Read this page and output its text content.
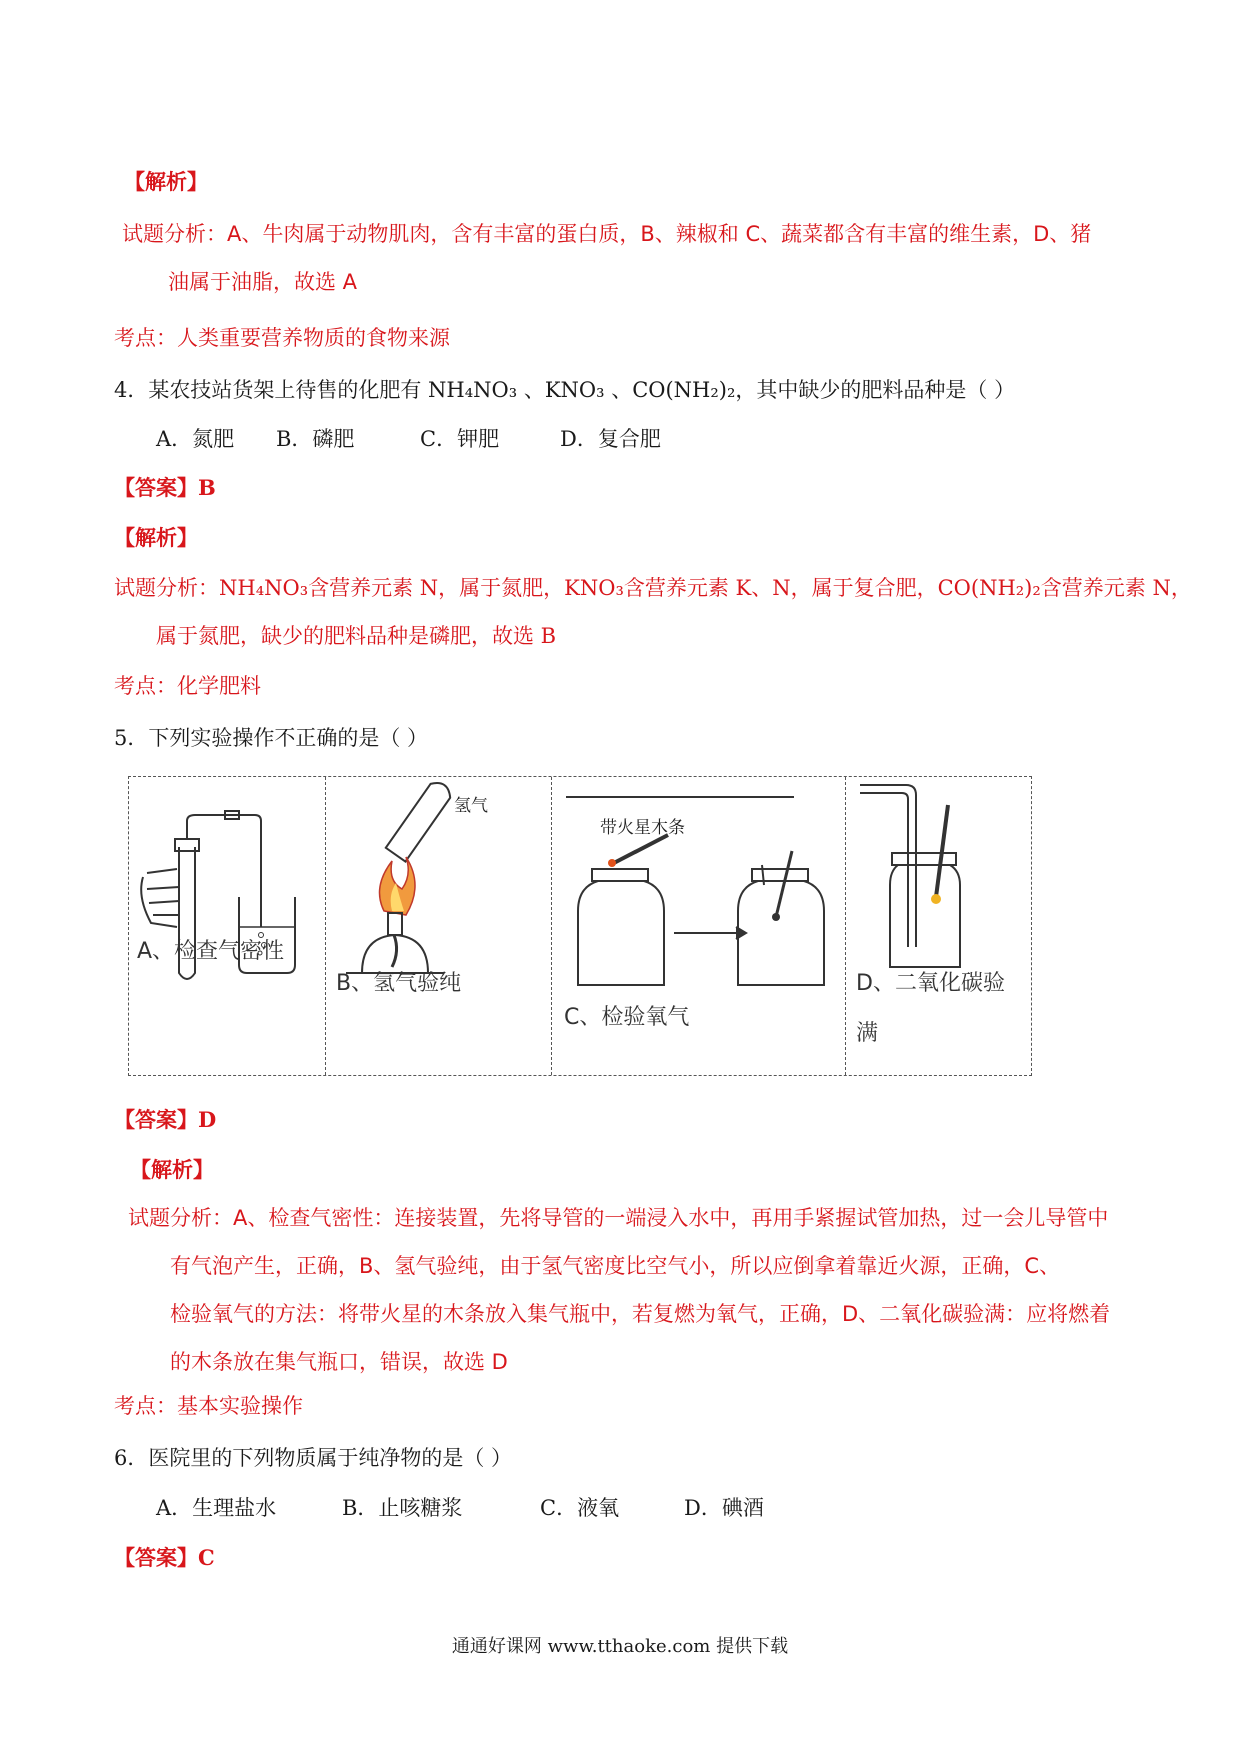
【解析】
试题分析：A、牛肉属于动物肌肉，含有丰富的蛋白质，B、辣椒和 C、蔬菜都含有丰富的维生素，D、猪
油属于油脂，故选 A
考点：人类重要营养物质的食物来源
4．某农技站货架上待售的化肥有 NH₄NO₃ 、KNO₃ 、CO(NH₂)₂，其中缺少的肥料品种是（ ）
A．氮肥 B．磷肥	C．钾肥	D．复合肥
【答案】B
【解析】
试题分析：NH₄NO₃含营养元素 N，属于氮肥，KNO₃含营养元素 K、N，属于复合肥，CO(NH₂)₂含营养元素 N，
属于氮肥，缺少的肥料品种是磷肥，故选 B
考点：化学肥料
5．下列实验操作不正确的是（ ）
A、检查气密性
氢气
B、氢气验纯
带火星木条
C、检验氧气
D、二氧化碳验
满
【答案】D
【解析】
试题分析：A、检查气密性：连接装置，先将导管的一端浸入水中，再用手紧握试管加热，过一会儿导管中
有气泡产生，正确，B、氢气验纯，由于氢气密度比空气小，所以应倒拿着靠近火源，正确，C、
检验氧气的方法：将带火星的木条放入集气瓶中，若复燃为氧气，正确，D、二氧化碳验满：应将燃着
的木条放在集气瓶口，错误，故选 D
考点：基本实验操作
6．医院里的下列物质属于纯净物的是（ ）
A．生理盐水	B．止咳糖浆	C．液氧	D．碘酒
【答案】C
通通好课网 www.tthaoke.com 提供下载
